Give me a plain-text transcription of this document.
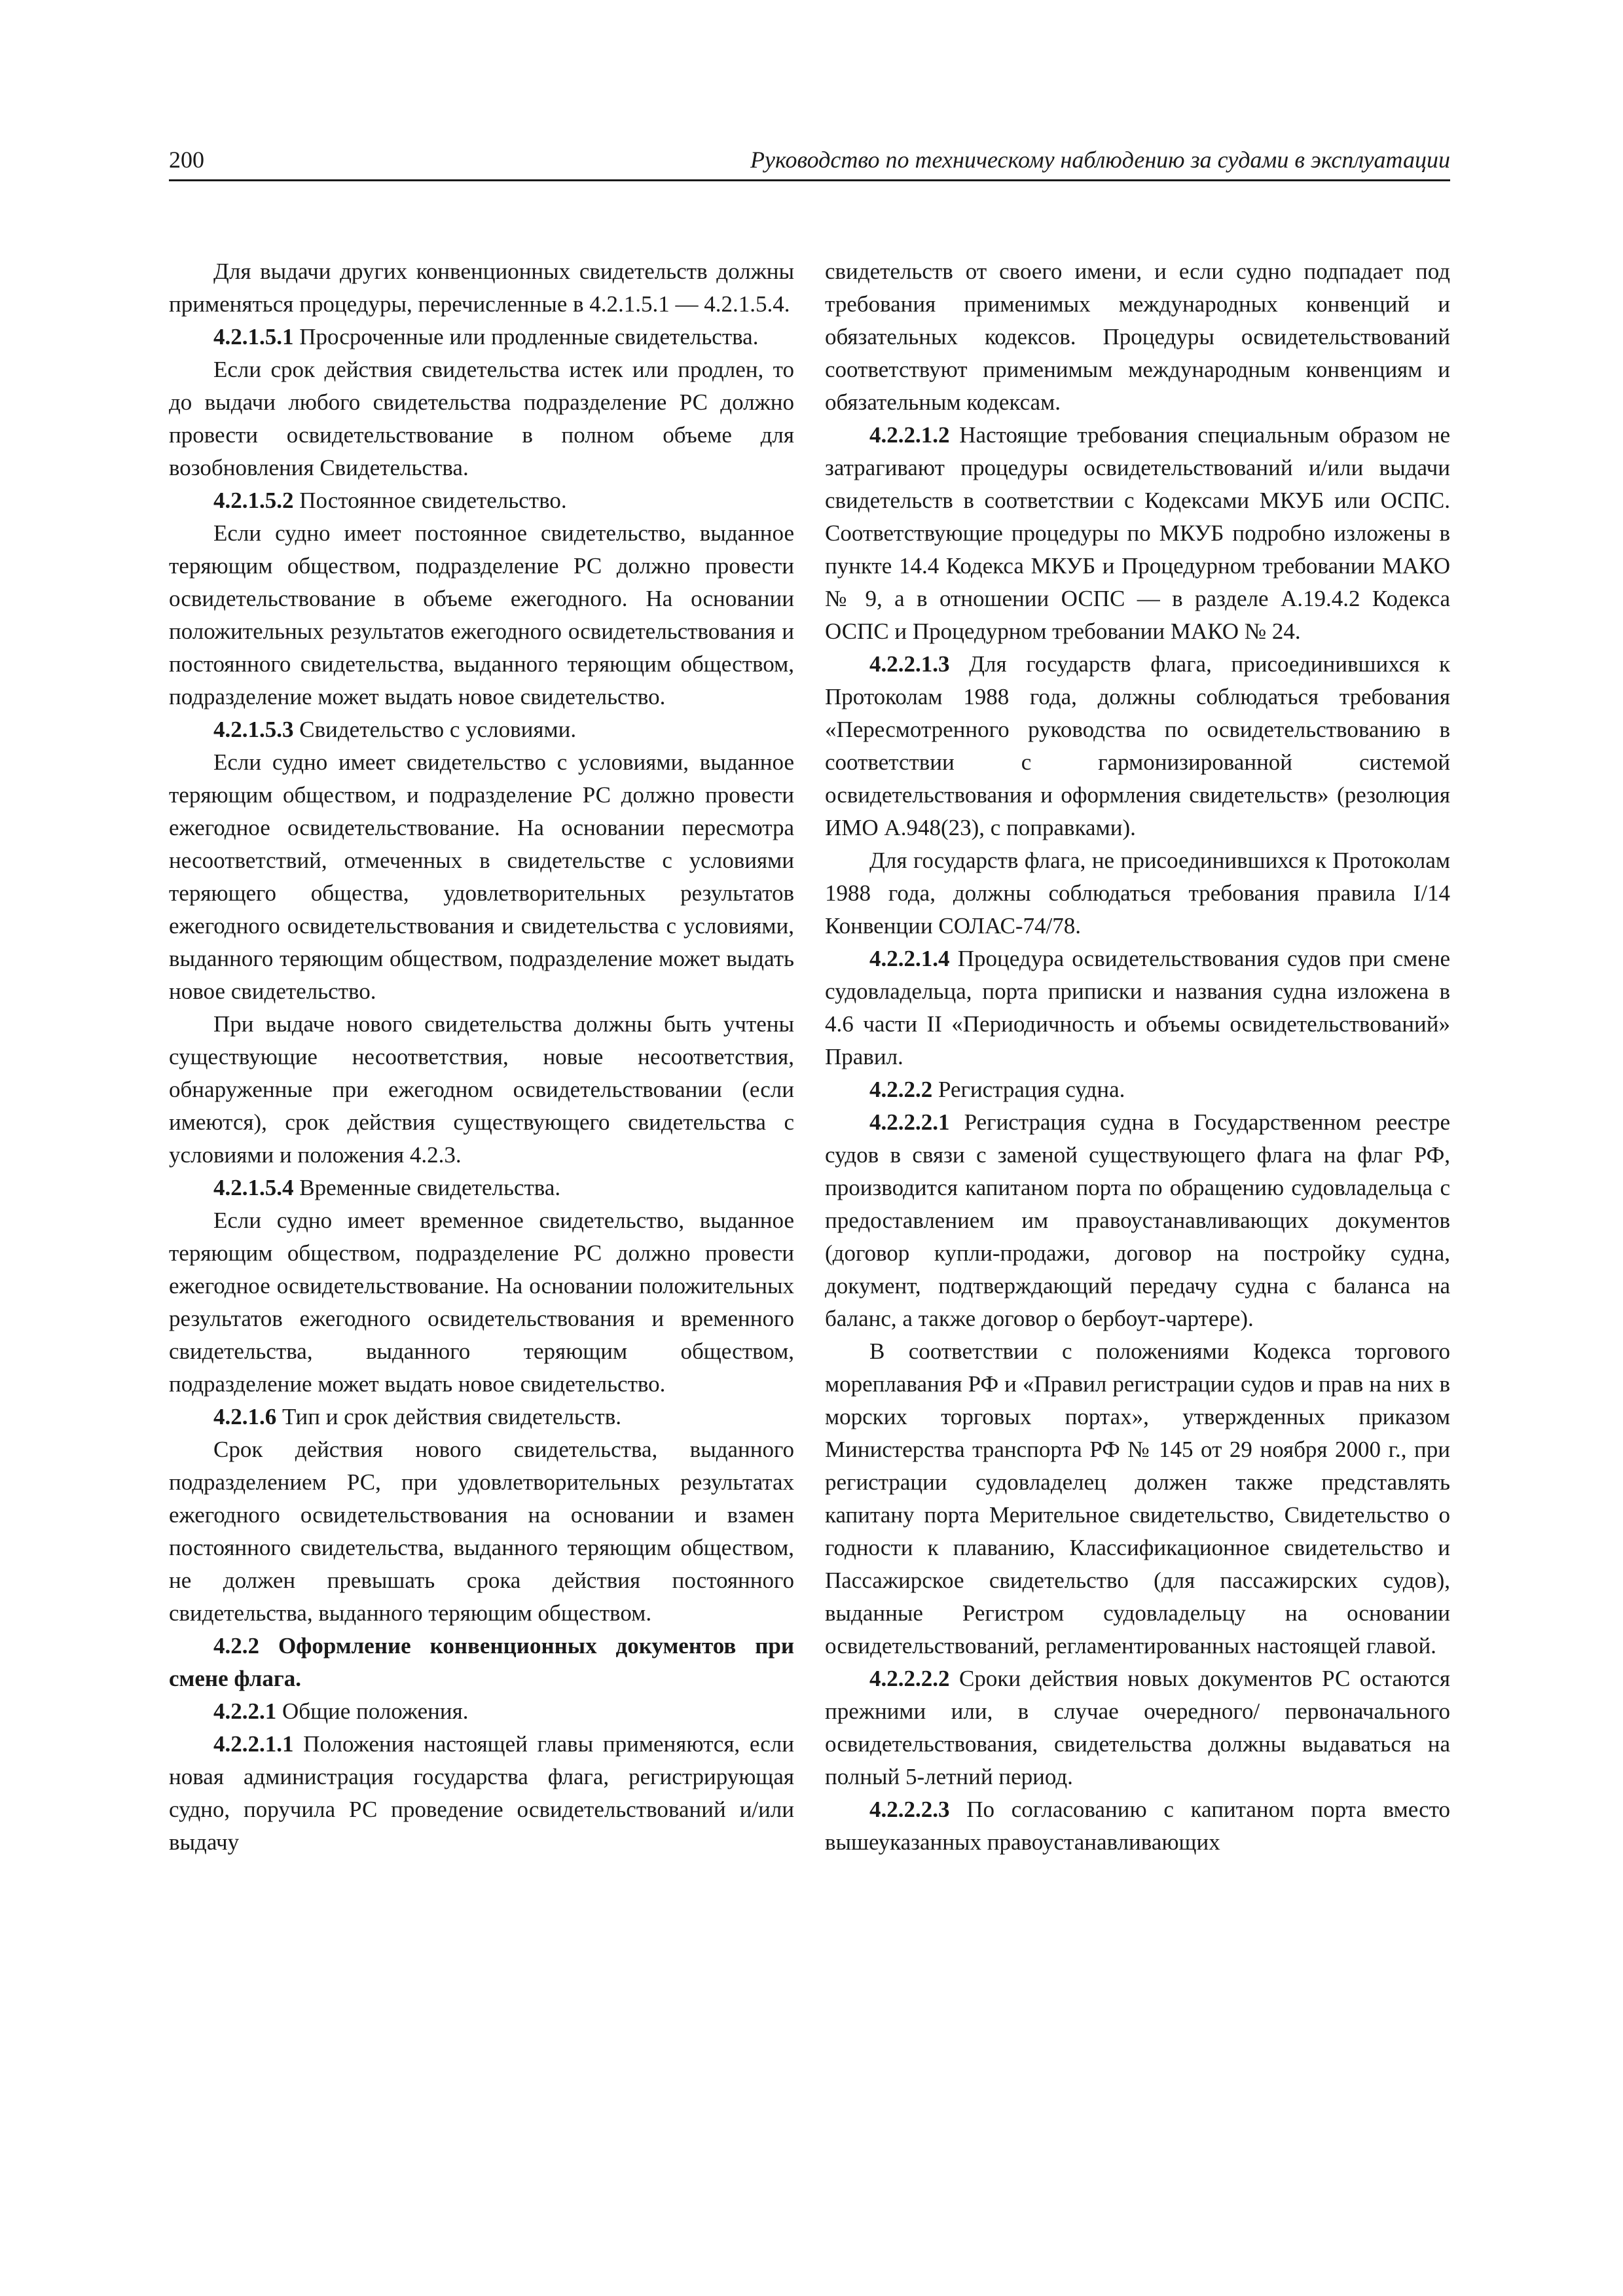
200	Руководство по техническому наблюдению за судами в эксплуатации

Для выдачи других конвенционных свидетельств должны применяться процедуры, перечисленные в 4.2.1.5.1 — 4.2.1.5.4.

4.2.1.5.1 Просроченные или продленные свидетельства.

Если срок действия свидетельства истек или продлен, то до выдачи любого свидетельства подразделение РС должно провести освидетельствование в полном объеме для возобновления Свидетельства.

4.2.1.5.2 Постоянное свидетельство.

Если судно имеет постоянное свидетельство, выданное теряющим обществом, подразделение РС должно провести освидетельствование в объеме ежегодного. На основании положительных результатов ежегодного освидетельствования и постоянного свидетельства, выданного теряющим обществом, подразделение может выдать новое свидетельство.

4.2.1.5.3 Свидетельство с условиями.

Если судно имеет свидетельство с условиями, выданное теряющим обществом, и подразделение РС должно провести ежегодное освидетельствование. На основании пересмотра несоответствий, отмеченных в свидетельстве с условиями теряющего общества, удовлетворительных результатов ежегодного освидетельствования и свидетельства с условиями, выданного теряющим обществом, подразделение может выдать новое свидетельство.

При выдаче нового свидетельства должны быть учтены существующие несоответствия, новые несоответствия, обнаруженные при ежегодном освидетельствовании (если имеются), срок действия существующего свидетельства с условиями и положения 4.2.3.

4.2.1.5.4 Временные свидетельства.

Если судно имеет временное свидетельство, выданное теряющим обществом, подразделение РС должно провести ежегодное освидетельствование. На основании положительных результатов ежегодного освидетельствования и временного свидетельства, выданного теряющим обществом, подразделение может выдать новое свидетельство.

4.2.1.6 Тип и срок действия свидетельств.

Срок действия нового свидетельства, выданного подразделением РС, при удовлетворительных результатах ежегодного освидетельствования на основании и взамен постоянного свидетельства, выданного теряющим обществом, не должен превышать срока действия постоянного свидетельства, выданного теряющим обществом.

4.2.2 Оформление конвенционных документов при смене флага.

4.2.2.1 Общие положения.

4.2.2.1.1 Положения настоящей главы применяются, если новая администрация государства флага, регистрирующая судно, поручила РС проведение освидетельствований и/или выдачу

свидетельств от своего имени, и если судно подпадает под требования применимых международных конвенций и обязательных кодексов. Процедуры освидетельствований соответствуют применимым международным конвенциям и обязательным кодексам.

4.2.2.1.2 Настоящие требования специальным образом не затрагивают процедуры освидетельствований и/или выдачи свидетельств в соответствии с Кодексами МКУБ или ОСПС. Соответствующие процедуры по МКУБ подробно изложены в пункте 14.4 Кодекса МКУБ и Процедурном требовании МАКО № 9, а в отношении ОСПС — в разделе A.19.4.2 Кодекса ОСПС и Процедурном требовании МАКО № 24.

4.2.2.1.3 Для государств флага, присоединившихся к Протоколам 1988 года, должны соблюдаться требования «Пересмотренного руководства по освидетельствованию в соответствии с гармонизированной системой освидетельствования и оформления свидетельств» (резолюция ИМО А.948(23), с поправками).

Для государств флага, не присоединившихся к Протоколам 1988 года, должны соблюдаться требования правила I/14 Конвенции СОЛАС-74/78.

4.2.2.1.4 Процедура освидетельствования судов при смене судовладельца, порта приписки и названия судна изложена в 4.6 части II «Периодичность и объемы освидетельствований» Правил.

4.2.2.2 Регистрация судна.

4.2.2.2.1 Регистрация судна в Государственном реестре судов в связи с заменой существующего флага на флаг РФ, производится капитаном порта по обращению судовладельца с предоставлением им правоустанавливающих документов (договор купли-продажи, договор на постройку судна, документ, подтверждающий передачу судна с баланса на баланс, а также договор о бербоут-чартере).

В соответствии с положениями Кодекса торгового мореплавания РФ и «Правил регистрации судов и прав на них в морских торговых портах», утвержденных приказом Министерства транспорта РФ № 145 от 29 ноября 2000 г., при регистрации судовладелец должен также представлять капитану порта Мерительное свидетельство, Свидетельство о годности к плаванию, Классификационное свидетельство и Пассажирское свидетельство (для пассажирских судов), выданные Регистром судовладельцу на основании освидетельствований, регламентированных настоящей главой.

4.2.2.2.2 Сроки действия новых документов РС остаются прежними или, в случае очередного/ первоначального освидетельствования, свидетельства должны выдаваться на полный 5-летний период.

4.2.2.2.3 По согласованию с капитаном порта вместо вышеуказанных правоустанавливающих
